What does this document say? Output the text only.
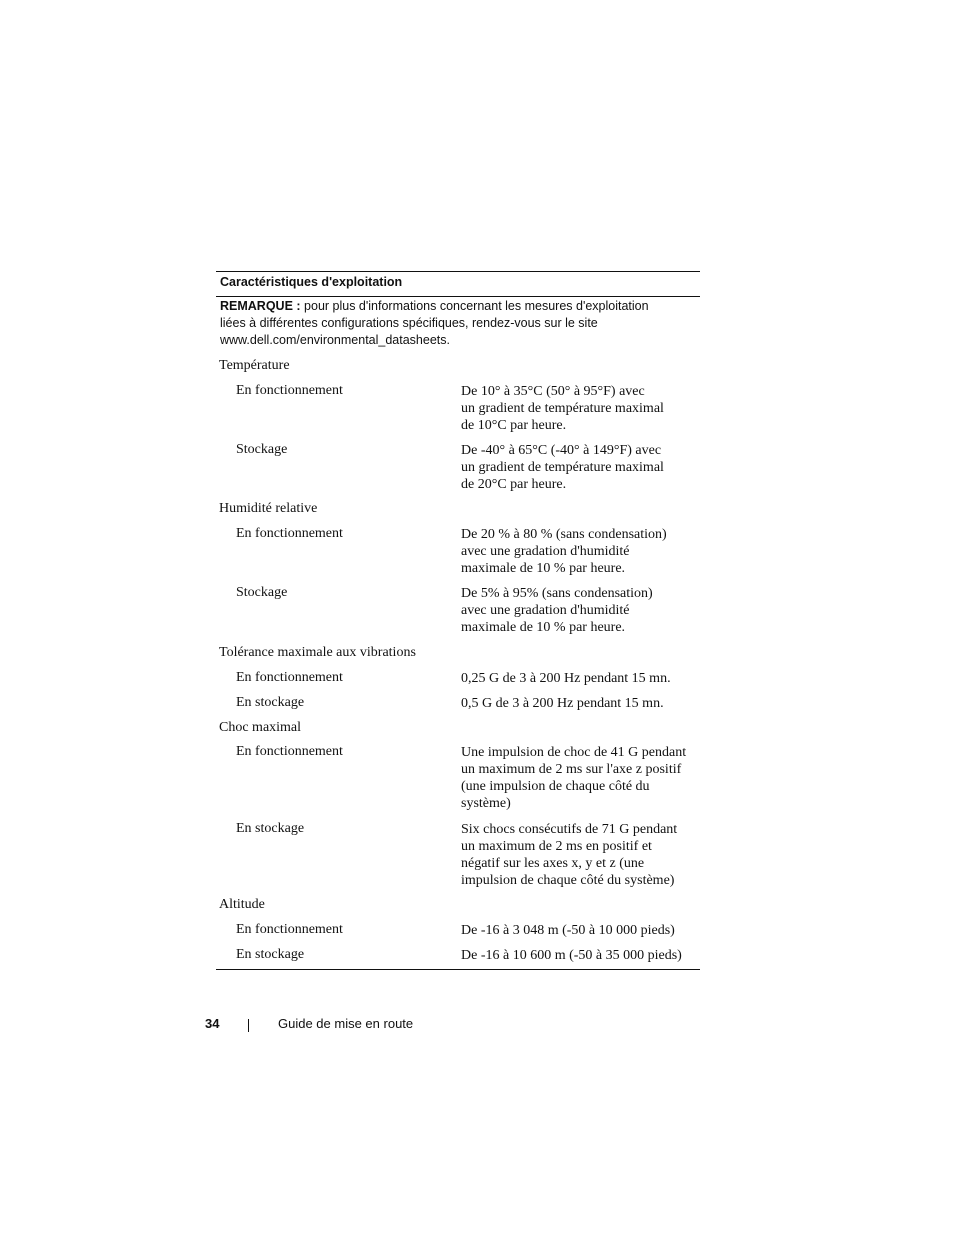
Caractéristiques d'exploitation
REMARQUE : pour plus d'informations concernant les mesures d'exploitation
liées à différentes configurations spécifiques, rendez-vous sur le site
www.dell.com/environmental_datasheets.
Température
En fonctionnement	De 10° à 35°C (50° à 95°F) avec
un gradient de température maximal
de 10°C par heure.
Stockage	De -40° à 65°C (-40° à 149°F) avec
un gradient de température maximal
de 20°C par heure.
Humidité relative
En fonctionnement	De 20 % à 80 % (sans condensation)
avec une gradation d'humidité
maximale de 10 % par heure.
Stockage	De 5% à 95% (sans condensation)
avec une gradation d'humidité
maximale de 10 % par heure.
Tolérance maximale aux vibrations
En fonctionnement	0,25 G de 3 à 200 Hz pendant 15 mn.
En stockage	0,5 G de 3 à 200 Hz pendant 15 mn.
Choc maximal
En fonctionnement	Une impulsion de choc de 41 G pendant
un maximum de 2 ms sur l'axe z positif
(une impulsion de chaque côté du
système)
En stockage	Six chocs consécutifs de 71 G pendant
un maximum de 2 ms en positif et
négatif sur les axes x, y et z (une
impulsion de chaque côté du système)
Altitude
En fonctionnement	De -16 à 3 048 m (-50 à 10 000 pieds)
En stockage	De -16 à 10 600 m (-50 à 35 000 pieds)
34	Guide de mise en route
